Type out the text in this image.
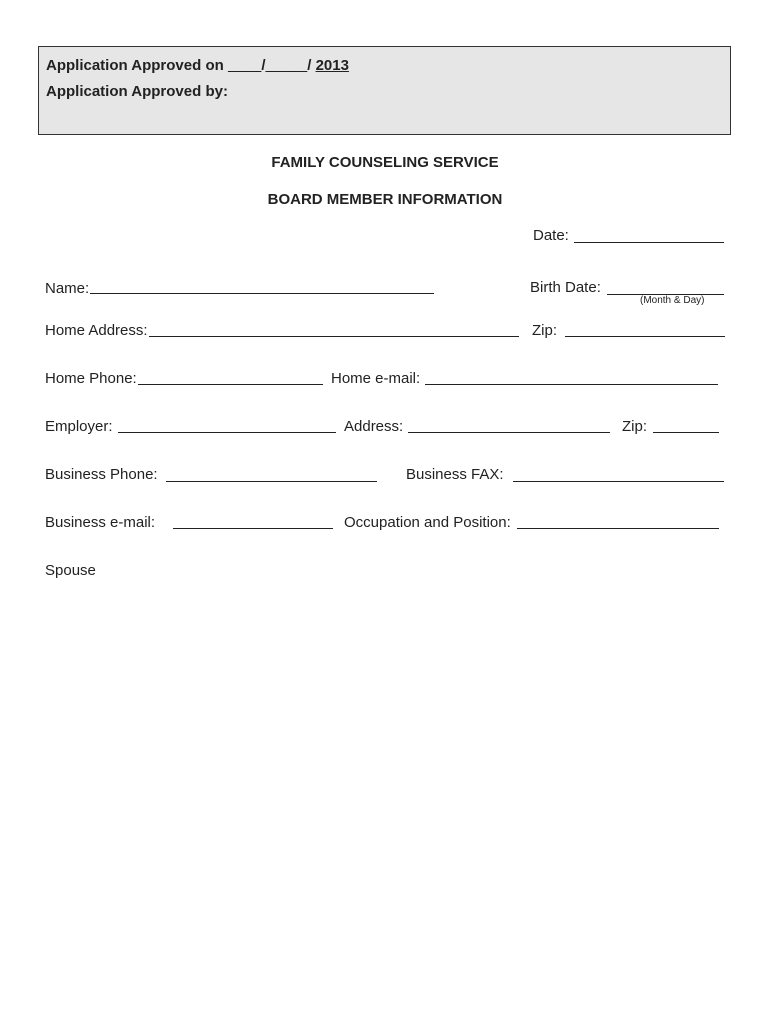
Application Approved on ____/_____/ 2013
Application Approved by:
FAMILY COUNSELING SERVICE
BOARD MEMBER INFORMATION
Date:
Name:	Birth Date:
(Month & Day)
Home Address:	Zip:
Home Phone:	Home e-mail:
Employer:	Address:	Zip:
Business Phone:	Business FAX:
Business e-mail:	Occupation and Position:
Spouse
